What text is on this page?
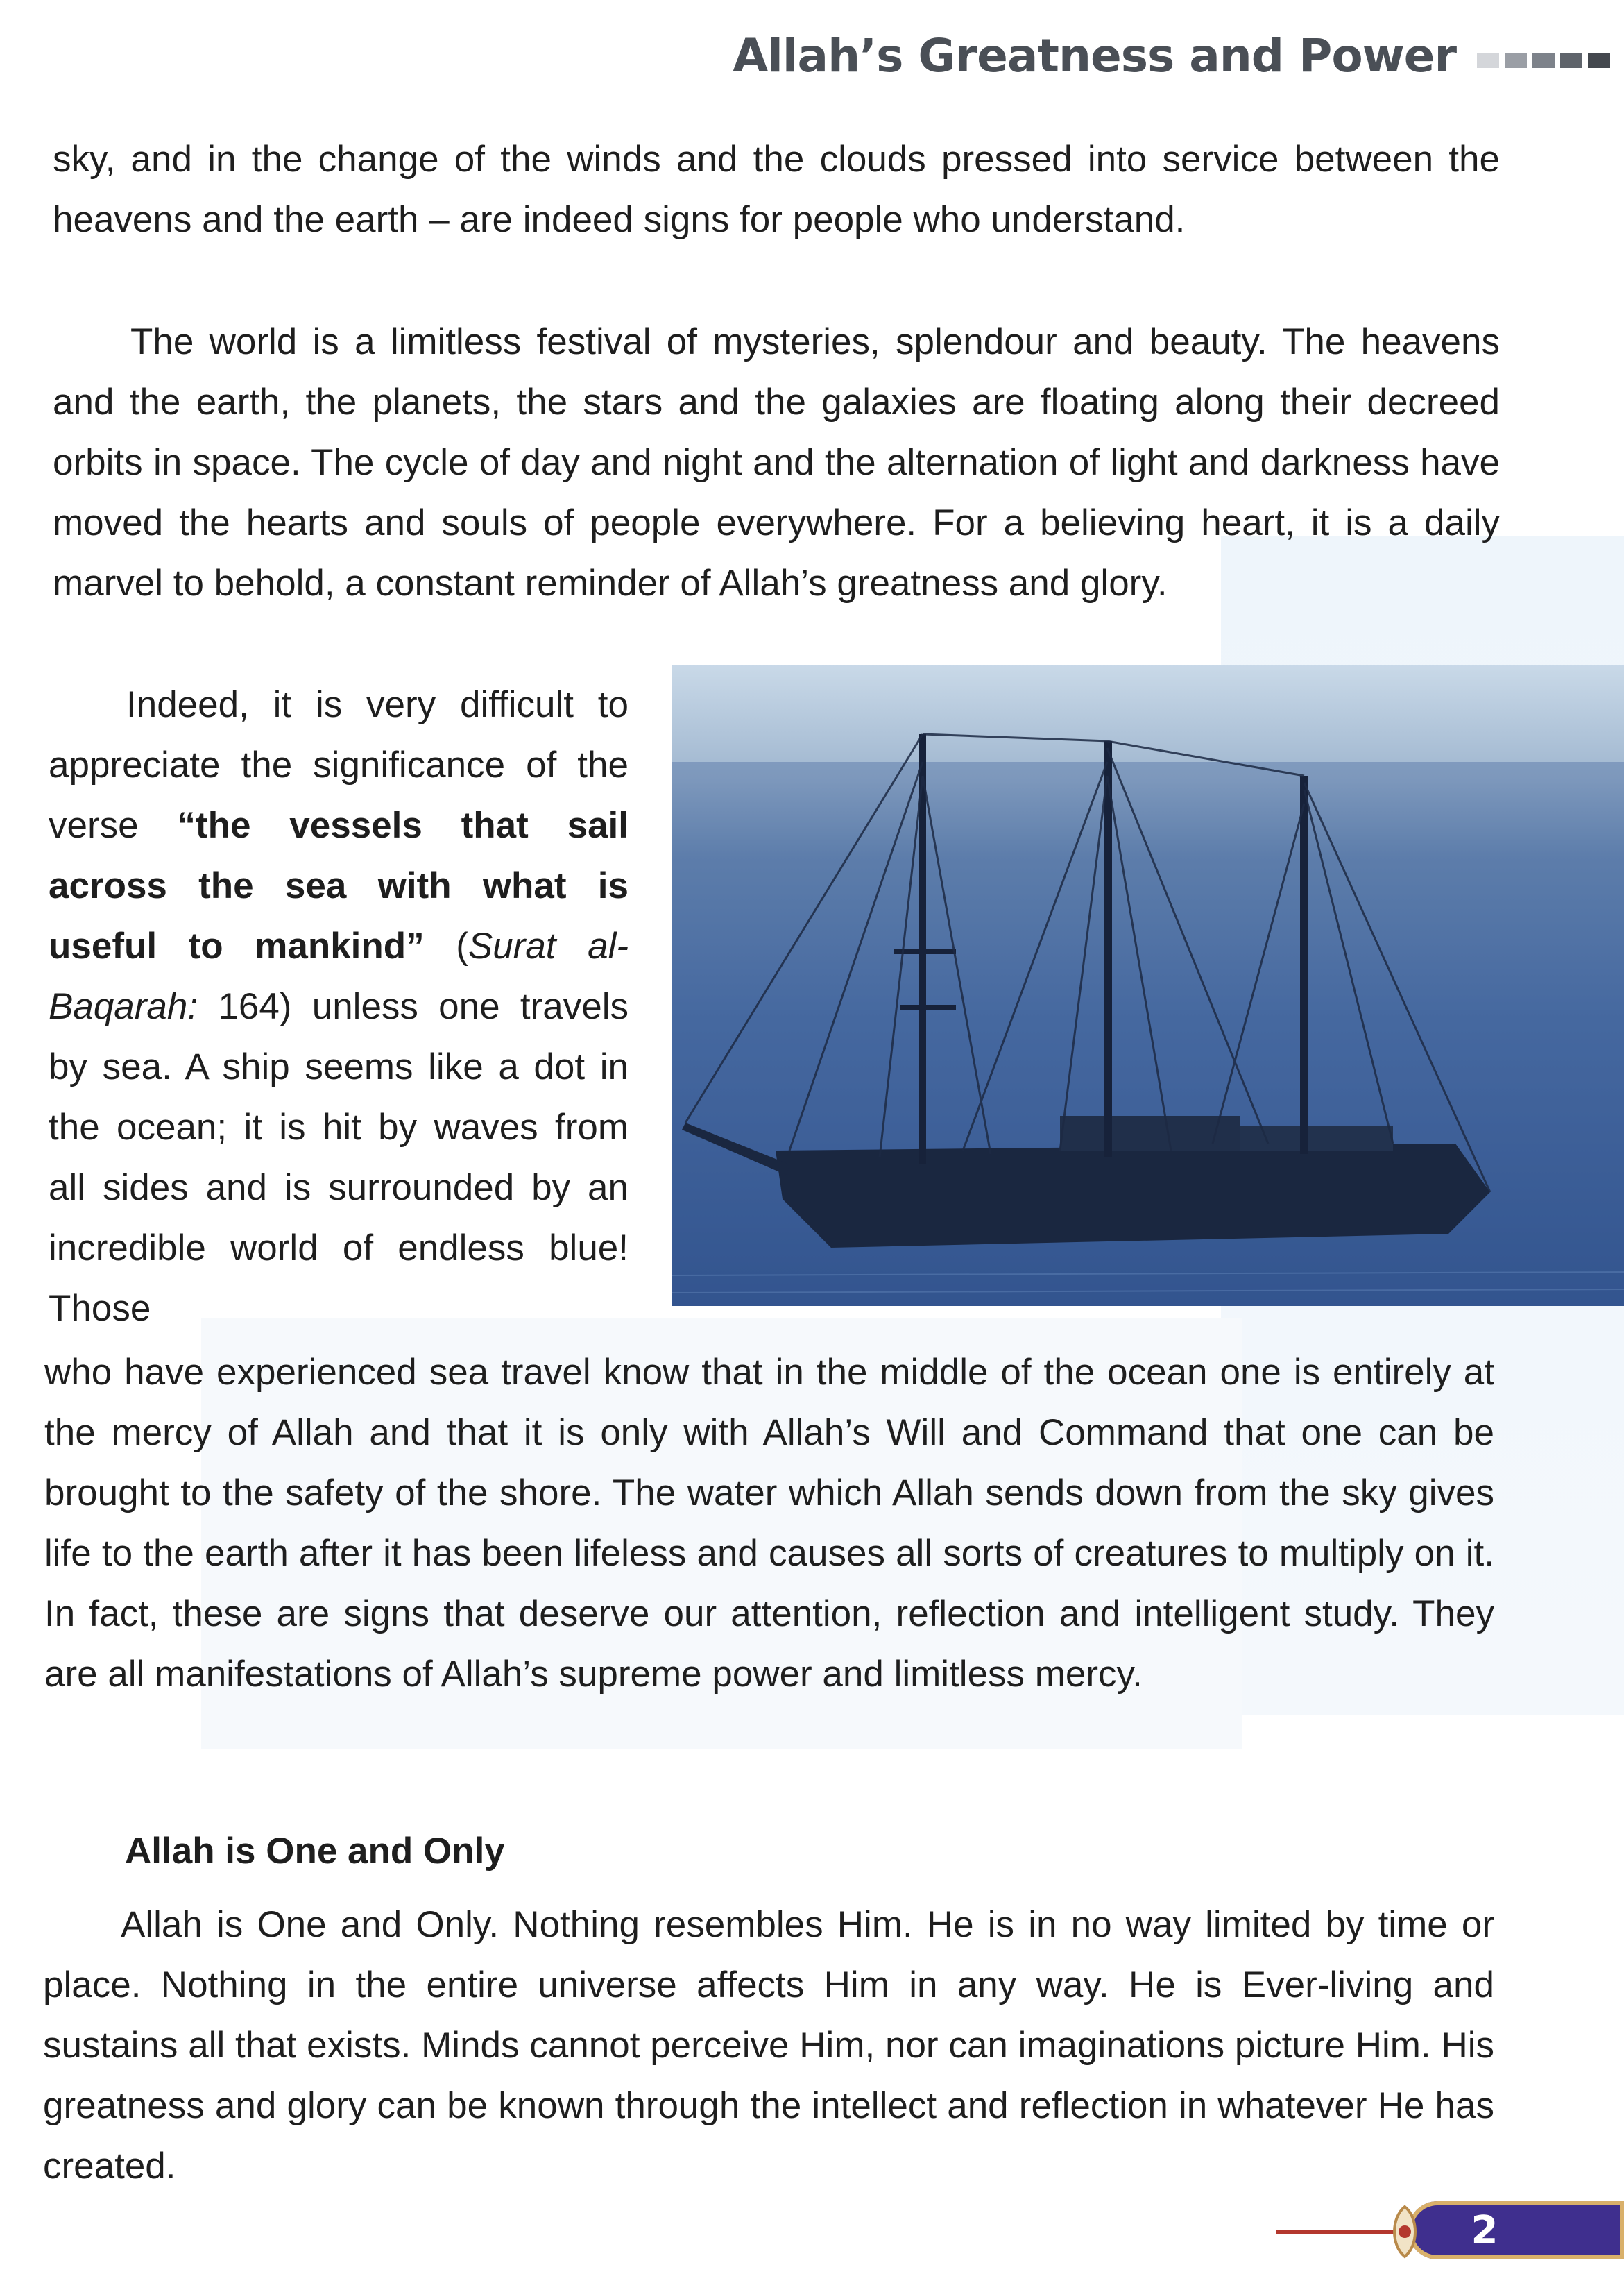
Allah’s Greatness and Power

sky, and in the change of the winds and the clouds pressed into service between the heavens and the earth – are indeed signs for people who understand.

The world is a limitless festival of mysteries, splendour and beauty. The heavens and the earth, the planets, the stars and the galaxies are floating along their decreed orbits in space. The cycle of day and night and the alternation of light and darkness have moved the hearts and souls of people everywhere. For a believing heart, it is a daily marvel to behold, a constant reminder of Allah’s greatness and glory.

Indeed, it is very difficult to appreciate the significance of the verse “the vessels that sail across the sea with what is useful to mankind” (Surat al-Baqarah: 164) unless one travels by sea. A ship seems like a dot in the ocean; it is hit by waves from all sides and is surrounded by an incredible world of endless blue! Those

who have experienced sea travel know that in the middle of the ocean one is entirely at the mercy of Allah and that it is only with Allah’s Will and Command that one can be brought to the safety of the shore. The water which Allah sends down from the sky gives life to the earth after it has been lifeless and causes all sorts of creatures to multiply on it. In fact, these are signs that deserve our attention, reflection and intelligent study. They are all manifestations of Allah’s supreme power and limitless mercy.

Allah is One and Only

Allah is One and Only. Nothing resembles Him. He is in no way limited by time or place. Nothing in the entire universe affects Him in any way. He is Ever-living and sustains all that exists. Minds cannot perceive Him, nor can imaginations picture Him. His greatness and glory can be known through the intellect and reflection in whatever He has created.

2
